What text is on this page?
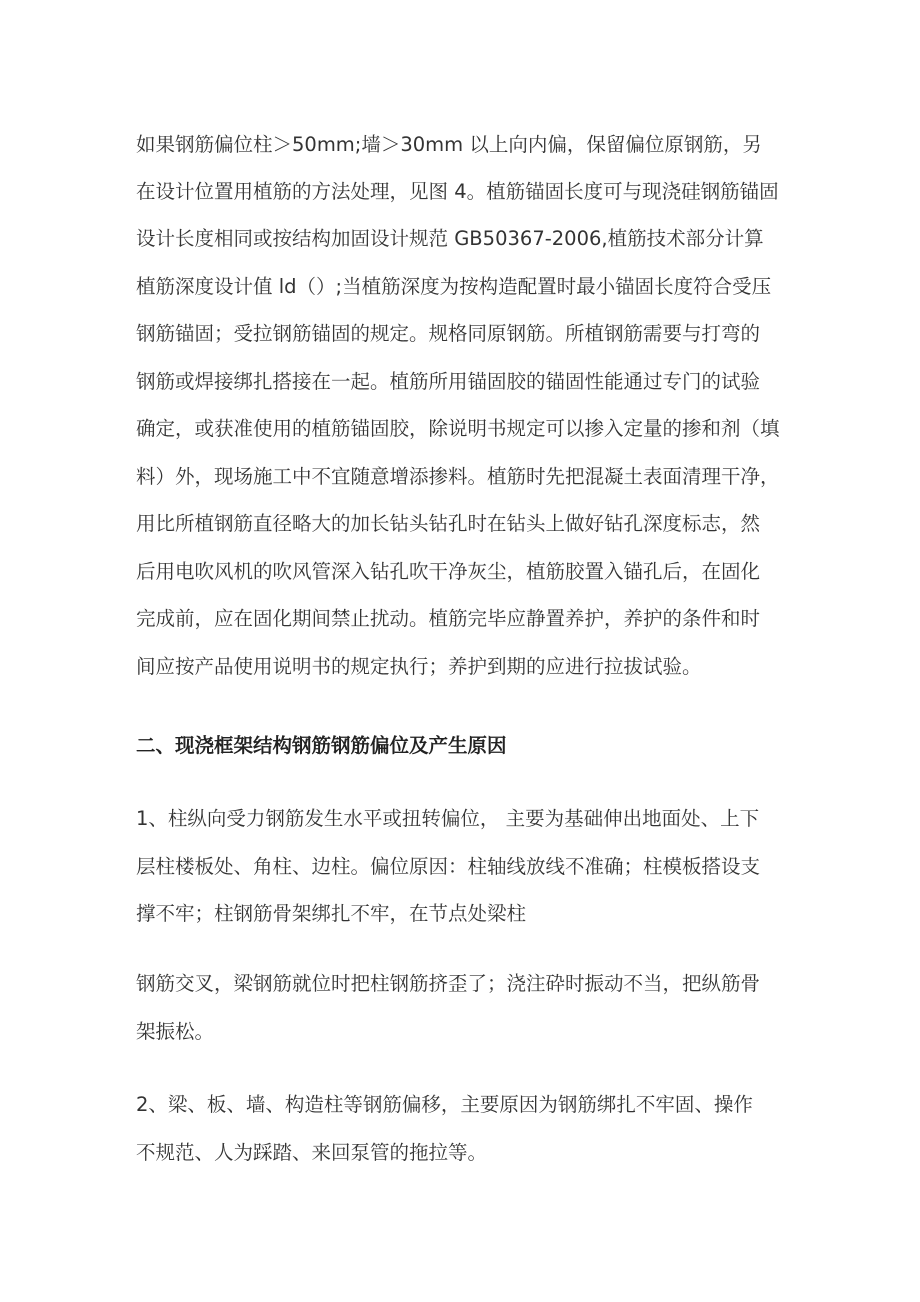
如果钢筋偏位柱＞50mm;墙＞30mm 以上向内偏，保留偏位原钢筋，另
在设计位置用植筋的方法处理，见图 4。植筋锚固长度可与现浇硅钢筋锚固
设计长度相同或按结构加固设计规范 GB50367-2006,植筋技术部分计算
植筋深度设计值 ld（）;当植筋深度为按构造配置时最小锚固长度符合受压
钢筋锚固；受拉钢筋锚固的规定。规格同原钢筋。所植钢筋需要与打弯的
钢筋或焊接绑扎搭接在一起。植筋所用锚固胶的锚固性能通过专门的试验
确定，或获准使用的植筋锚固胶，除说明书规定可以掺入定量的掺和剂（填
料）外，现场施工中不宜随意增添掺料。植筋时先把混凝土表面清理干净，
用比所植钢筋直径略大的加长钻头钻孔时在钻头上做好钻孔深度标志，然
后用电吹风机的吹风管深入钻孔吹干净灰尘，植筋胶置入锚孔后，在固化
完成前，应在固化期间禁止扰动。植筋完毕应静置养护，养护的条件和时
间应按产品使用说明书的规定执行；养护到期的应进行拉拔试验。
二、现浇框架结构钢筋钢筋偏位及产生原因
1、柱纵向受力钢筋发生水平或扭转偏位， 主要为基础伸出地面处、上下
层柱楼板处、角柱、边柱。偏位原因：柱轴线放线不准确；柱模板搭设支
撑不牢；柱钢筋骨架绑扎不牢，在节点处梁柱
钢筋交叉，梁钢筋就位时把柱钢筋挤歪了；浇注砕时振动不当，把纵筋骨
架振松。
2、梁、板、墙、构造柱等钢筋偏移，主要原因为钢筋绑扎不牢固、操作
不规范、人为踩踏、来回泵管的拖拉等。
